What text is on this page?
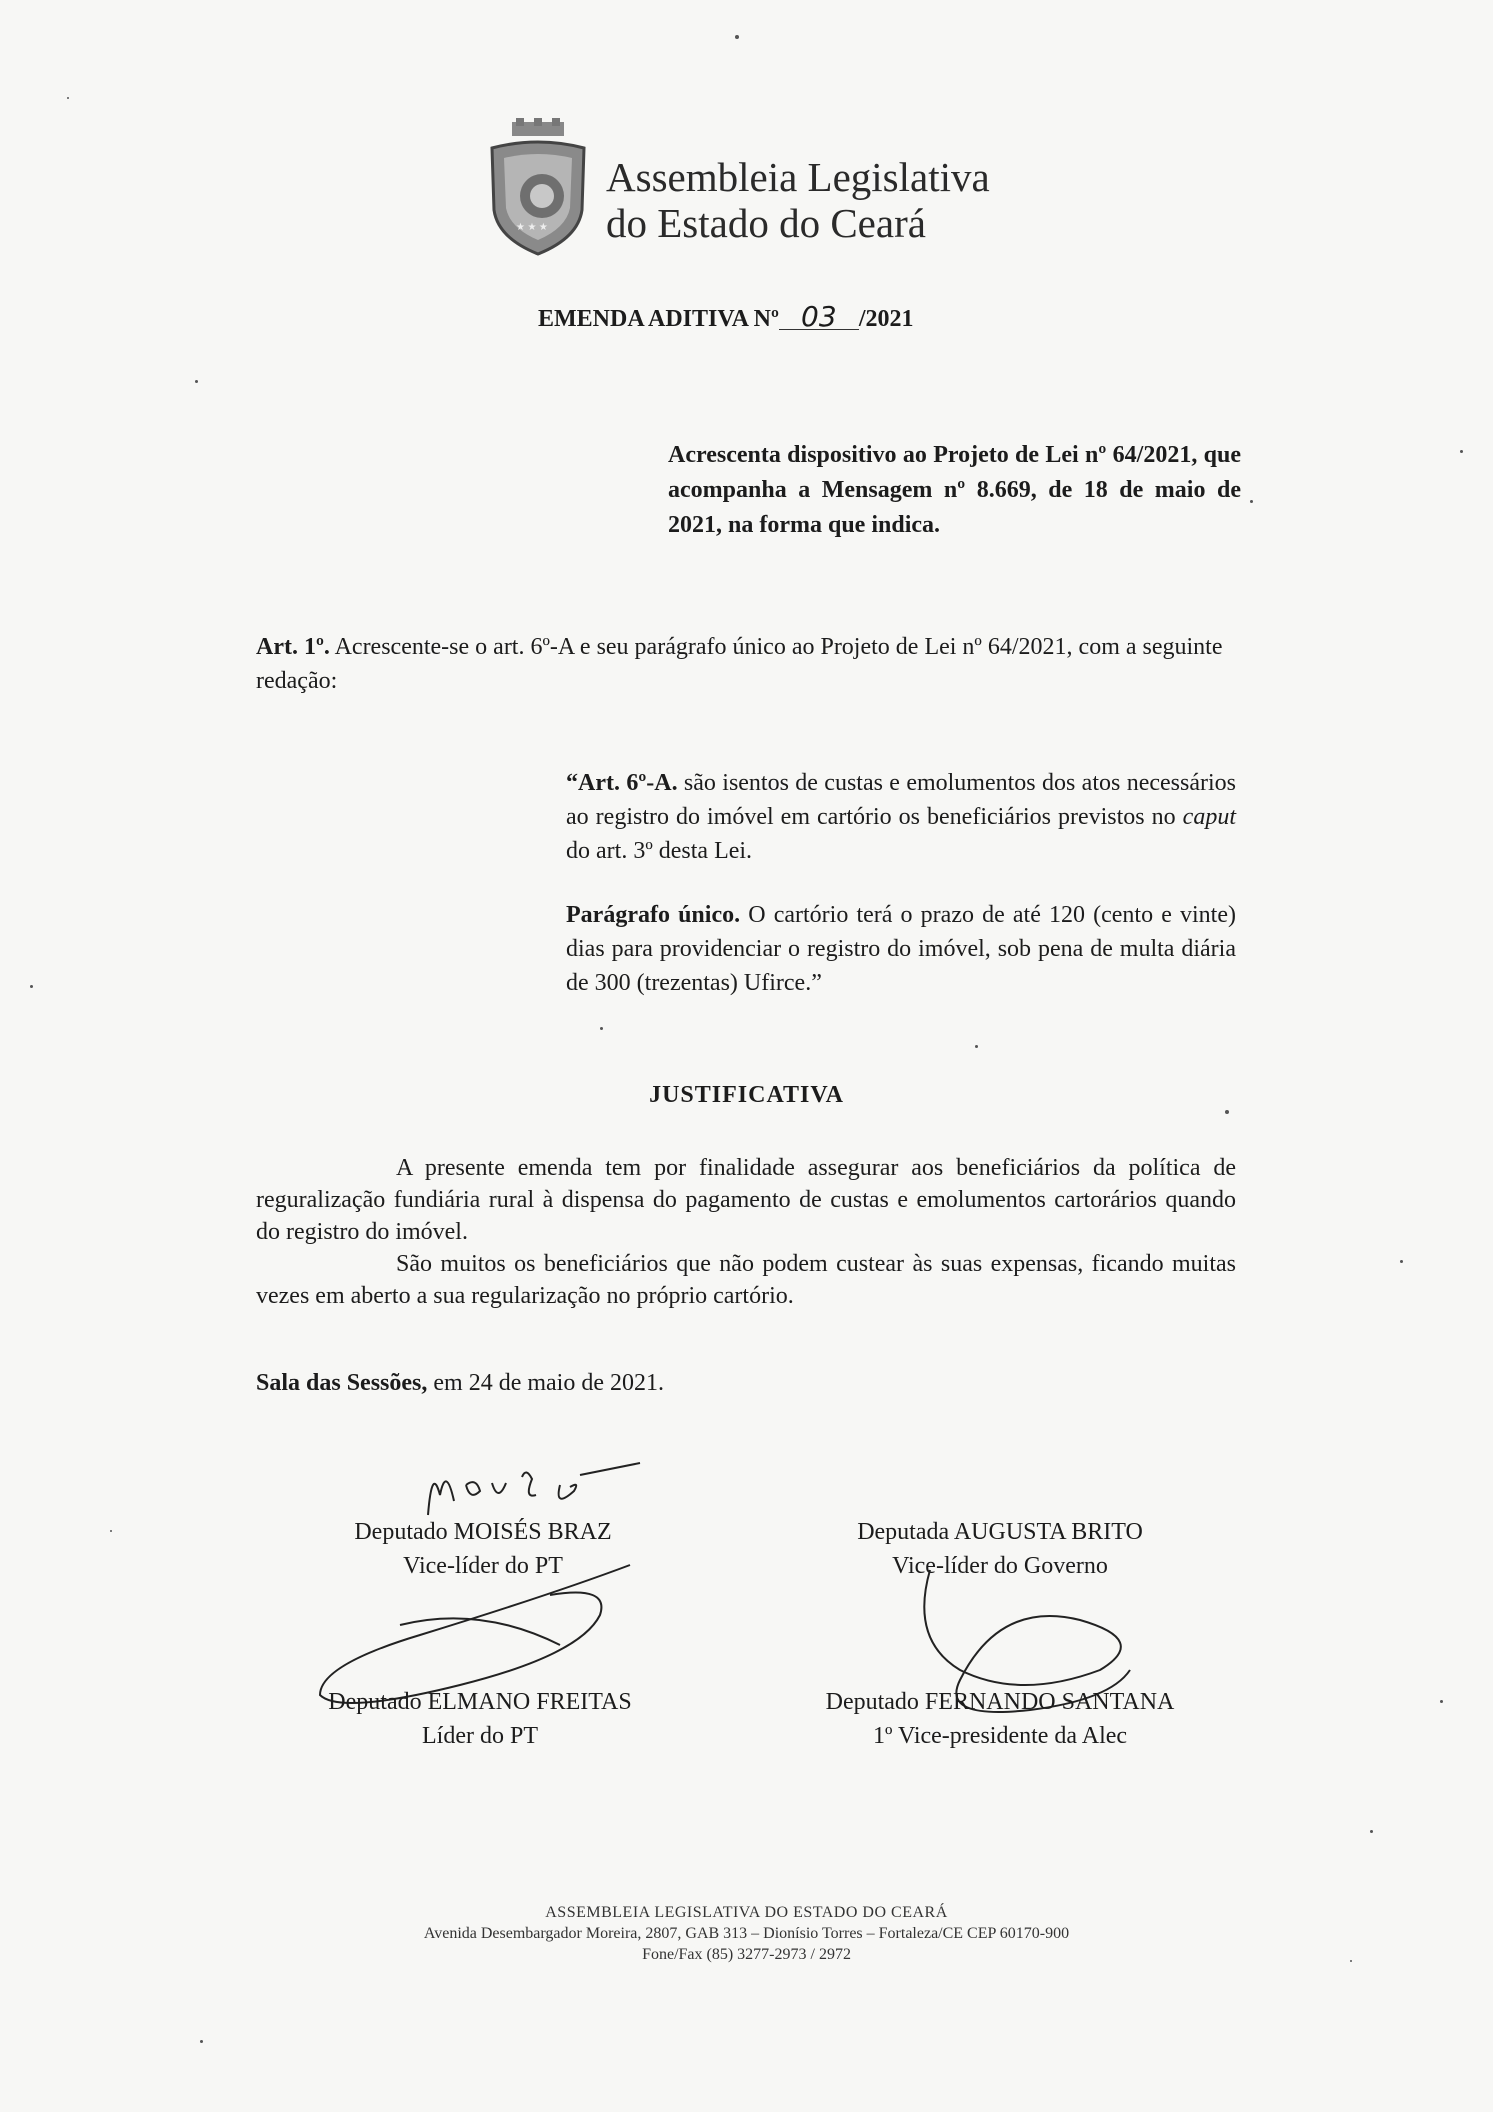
★ ★ ★
Assembleia Legislativa
do Estado do Ceará
EMENDA ADITIVA Nº 03 /2021
Acrescenta dispositivo ao Projeto de Lei nº 64/2021, que acompanha a Mensagem nº 8.669, de 18 de maio de 2021, na forma que indica.
Art. 1º. Acrescente-se o art. 6º-A e seu parágrafo único ao Projeto de Lei nº 64/2021, com a seguinte redação:

“Art. 6º-A. são isentos de custas e emolumentos dos atos necessários ao registro do imóvel em cartório os beneficiários previstos no caput do art. 3º desta Lei.

Parágrafo único. O cartório terá o prazo de até 120 (cento e vinte) dias para providenciar o registro do imóvel, sob pena de multa diária de 300 (trezentas) Ufirce.”

JUSTIFICATIVA

A presente emenda tem por finalidade assegurar aos beneficiários da política de reguralização fundiária rural à dispensa do pagamento de custas e emolumentos cartorários quando do registro do imóvel.

São muitos os beneficiários que não podem custear às suas expensas, ficando muitas vezes em aberto a sua regularização no próprio cartório.

Sala das Sessões, em 24 de maio de 2021.
Deputado MOISÉS BRAZ
Vice-líder do PT
Deputada AUGUSTA BRITO
Vice-líder do Governo
Deputado ELMANO FREITAS
Líder do PT
Deputado FERNANDO SANTANA
1º Vice-presidente da Alec
ASSEMBLEIA LEGISLATIVA DO ESTADO DO CEARÁ
Avenida Desembargador Moreira, 2807, GAB 313 – Dionísio Torres – Fortaleza/CE CEP 60170-900
Fone/Fax (85) 3277-2973 / 2972
